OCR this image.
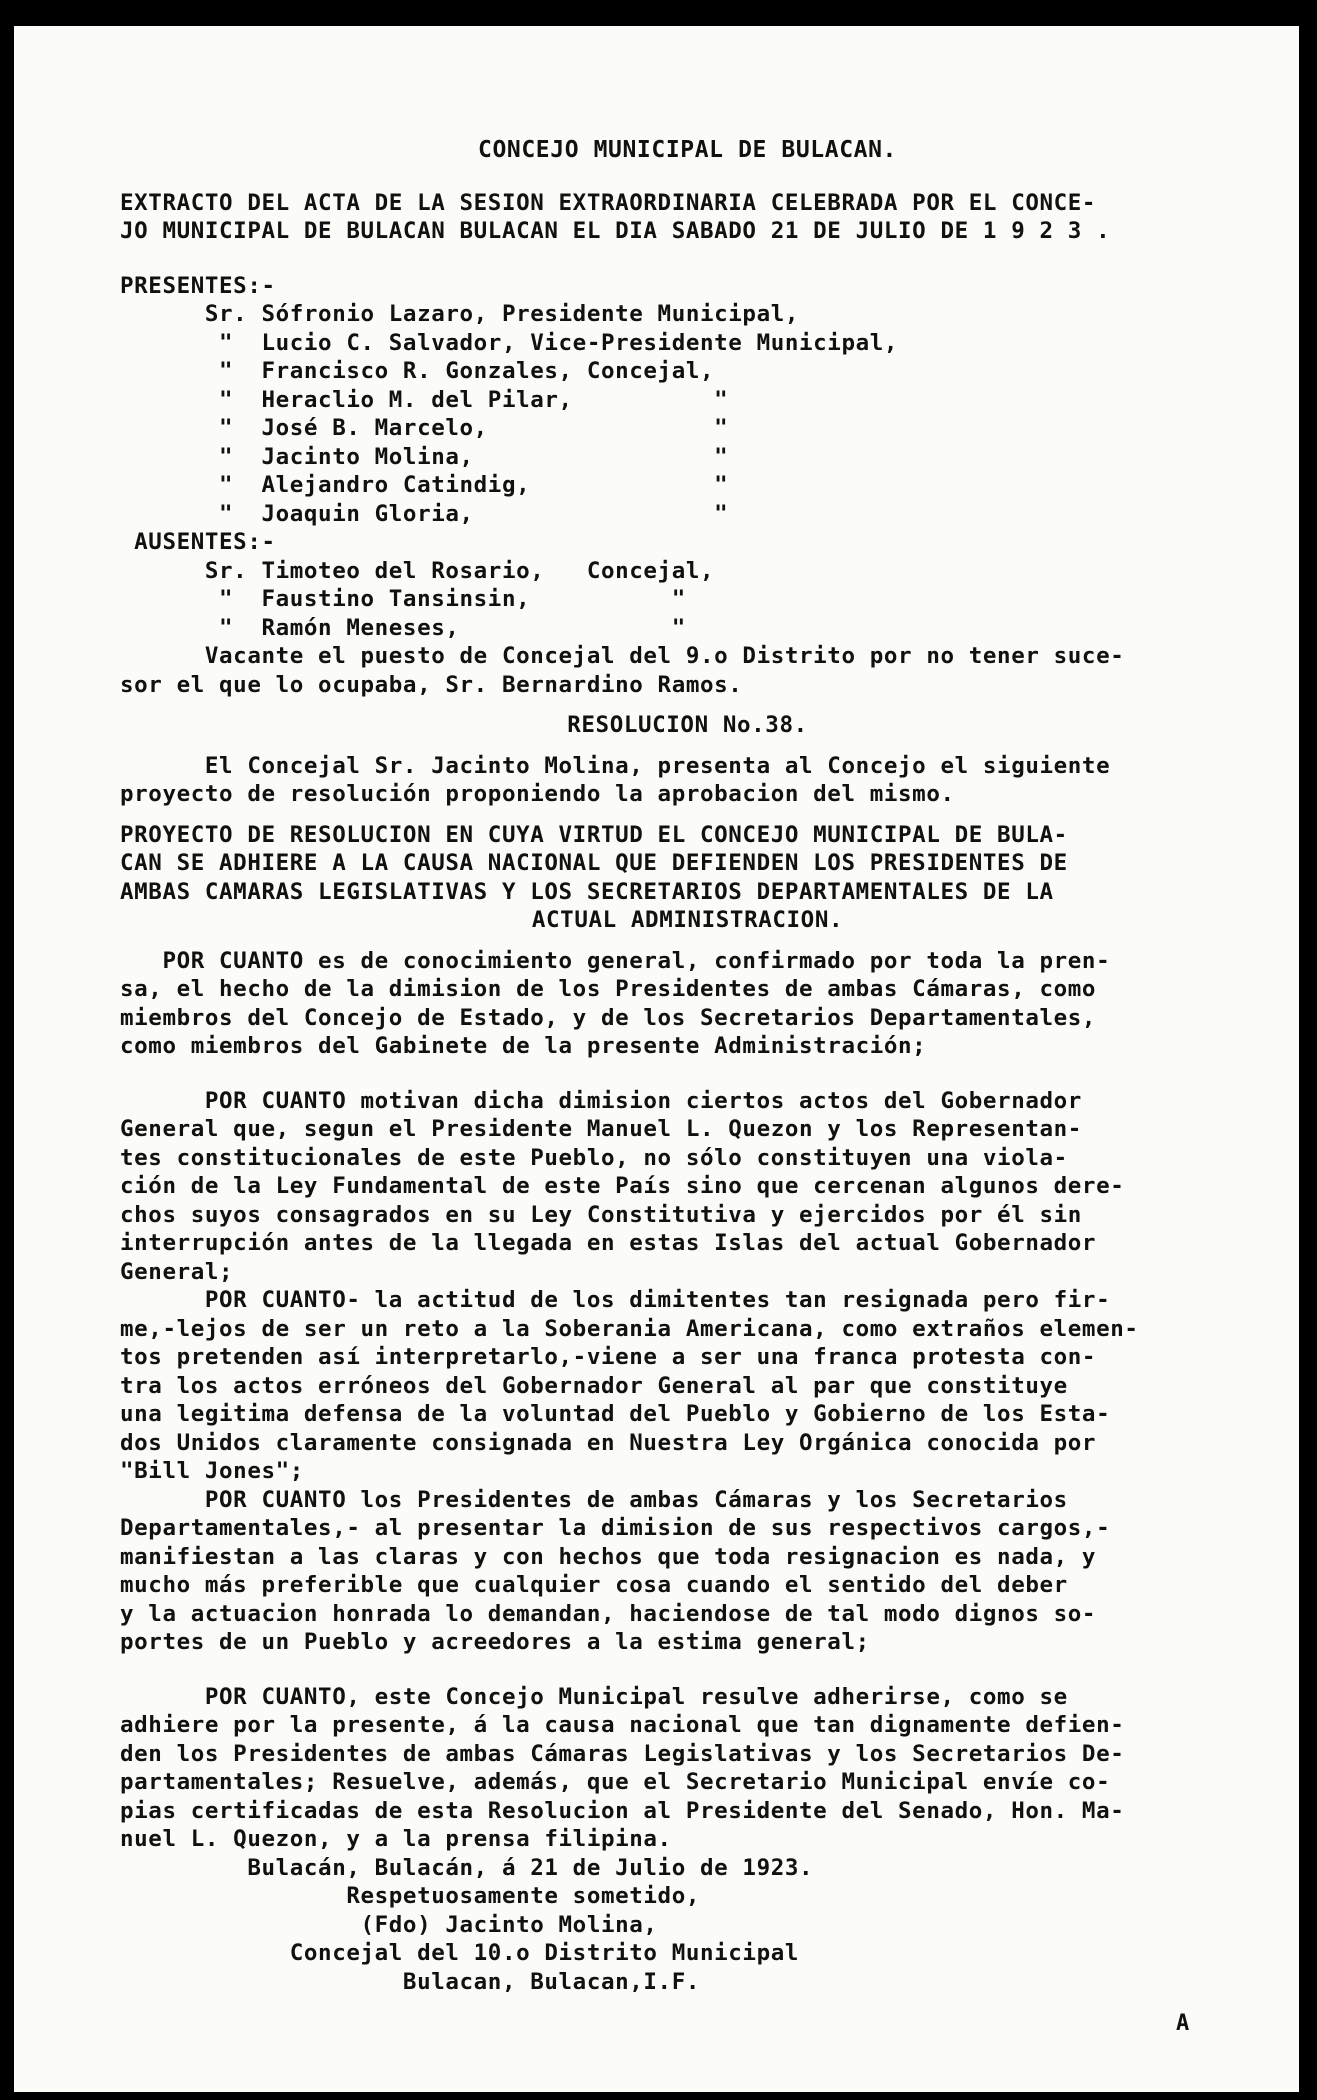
CONCEJO MUNICIPAL DE BULACAN.
EXTRACTO DEL ACTA DE LA SESION EXTRAORDINARIA CELEBRADA POR EL CONCE-
JO MUNICIPAL DE BULACAN BULACAN EL DIA SABADO 21 DE JULIO DE 1 9 2 3 .
PRESENTES:-
Sr. Sófronio Lazaro, Presidente Municipal,
"  Lucio C. Salvador, Vice-Presidente Municipal,
"  Francisco R. Gonzales, Concejal,
"  Heraclio M. del Pilar,          "
"  José B. Marcelo,                "
"  Jacinto Molina,                 "
"  Alejandro Catindig,             "
"  Joaquin Gloria,                 "
AUSENTES:-
Sr. Timoteo del Rosario,   Concejal,
"  Faustino Tansinsin,          "
"  Ramón Meneses,               "
Vacante el puesto de Concejal del 9.o Distrito por no tener suce-
sor el que lo ocupaba, Sr. Bernardino Ramos.
RESOLUCION No.38.
El Concejal Sr. Jacinto Molina, presenta al Concejo el siguiente
proyecto de resolución proponiendo la aprobacion del mismo.
PROYECTO DE RESOLUCION EN CUYA VIRTUD EL CONCEJO MUNICIPAL DE BULA-
CAN SE ADHIERE A LA CAUSA NACIONAL QUE DEFIENDEN LOS PRESIDENTES DE
AMBAS CAMARAS LEGISLATIVAS Y LOS SECRETARIOS DEPARTAMENTALES DE LA
ACTUAL ADMINISTRACION.
POR CUANTO es de conocimiento general, confirmado por toda la pren-
sa, el hecho de la dimision de los Presidentes de ambas Cámaras, como
miembros del Concejo de Estado, y de los Secretarios Departamentales,
como miembros del Gabinete de la presente Administración;
POR CUANTO motivan dicha dimision ciertos actos del Gobernador
General que, segun el Presidente Manuel L. Quezon y los Representan-
tes constitucionales de este Pueblo, no sólo constituyen una viola-
ción de la Ley Fundamental de este País sino que cercenan algunos dere-
chos suyos consagrados en su Ley Constitutiva y ejercidos por él sin
interrupción antes de la llegada en estas Islas del actual Gobernador
General;
POR CUANTO- la actitud de los dimitentes tan resignada pero fir-
me,-lejos de ser un reto a la Soberania Americana, como extraños elemen-
tos pretenden así interpretarlo,-viene a ser una franca protesta con-
tra los actos erróneos del Gobernador General al par que constituye
una legitima defensa de la voluntad del Pueblo y Gobierno de los Esta-
dos Unidos claramente consignada en Nuestra Ley Orgánica conocida por
"Bill Jones";
POR CUANTO los Presidentes de ambas Cámaras y los Secretarios
Departamentales,- al presentar la dimision de sus respectivos cargos,-
manifiestan a las claras y con hechos que toda resignacion es nada, y
mucho más preferible que cualquier cosa cuando el sentido del deber
y la actuacion honrada lo demandan, haciendose de tal modo dignos so-
portes de un Pueblo y acreedores a la estima general;
POR CUANTO, este Concejo Municipal resulve adherirse, como se
adhiere por la presente, á la causa nacional que tan dignamente defien-
den los Presidentes de ambas Cámaras Legislativas y los Secretarios De-
partamentales; Resuelve, además, que el Secretario Municipal envíe co-
pias certificadas de esta Resolucion al Presidente del Senado, Hon. Ma-
nuel L. Quezon, y a la prensa filipina.
Bulacán, Bulacán, á 21 de Julio de 1923.
Respetuosamente sometido,
(Fdo) Jacinto Molina,
Concejal del 10.o Distrito Municipal
Bulacan, Bulacan,I.F.
A
